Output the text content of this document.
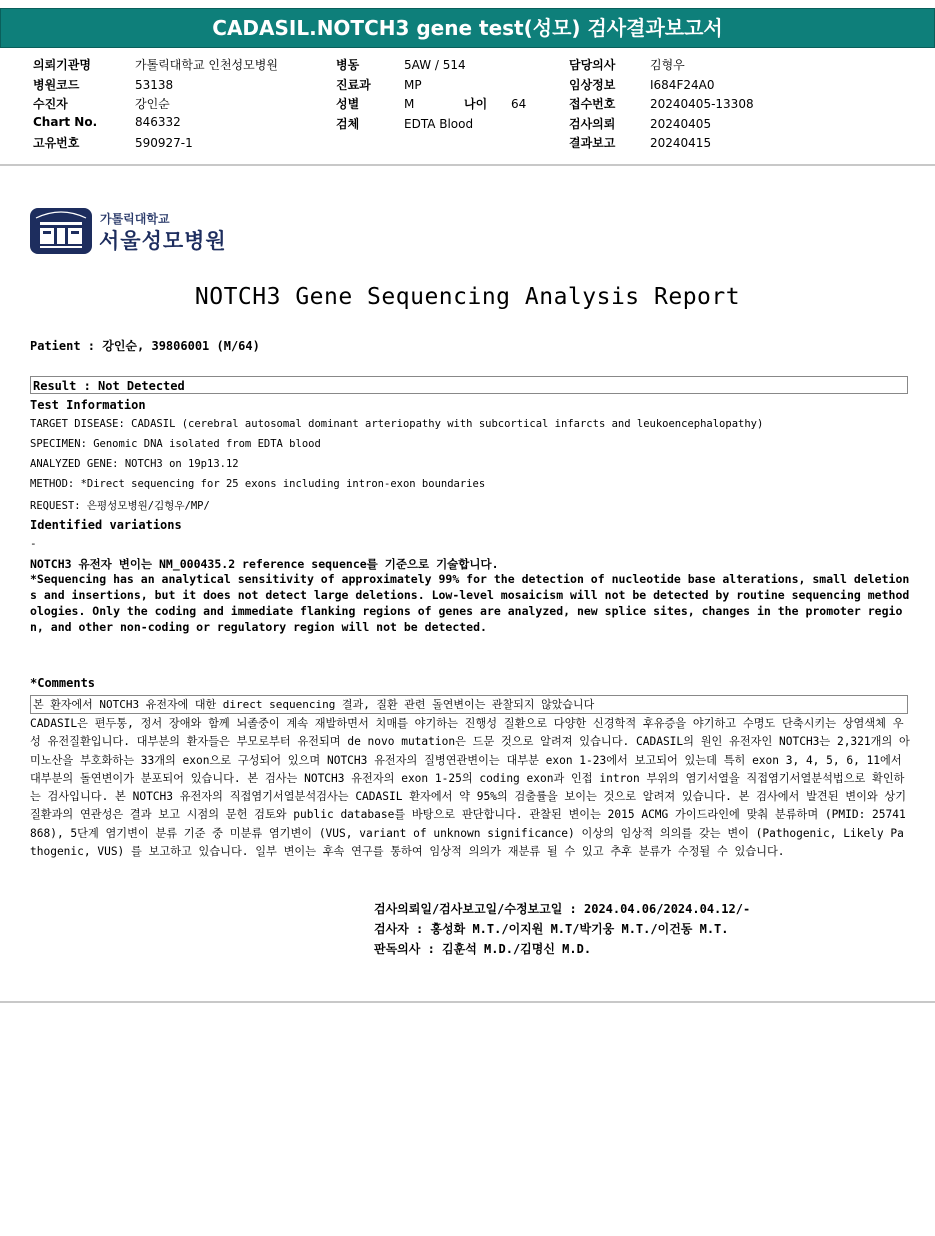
CADASIL.NOTCH3 gene test(성모) 검사결과보고서
의뢰기관명	가톨릭대학교 인천성모병원
병원코드	53138
수진자	강인순
Chart No.	846332
고유번호	590927-1
병동	5AW / 514
진료과	MP
성별	M	나이 64
검체	EDTA Blood
담당의사	김형우
임상정보	I684F24A0
접수번호	20240405-13308
검사의뢰	20240405
결과보고	20240415
가톨릭대학교
서울성모병원
NOTCH3 Gene Sequencing Analysis Report
Patient : 강인순, 39806001 (M/64)
Result : Not Detected
Test Information
TARGET DISEASE: CADASIL (cerebral autosomal dominant arteriopathy with subcortical infarcts and leukoencephalopathy)
SPECIMEN: Genomic DNA isolated from EDTA blood
ANALYZED GENE: NOTCH3 on 19p13.12
METHOD: *Direct sequencing for 25 exons including intron-exon boundaries
REQUEST: 은평성모병원/김형우/MP/
Identified variations
-
NOTCH3 유전자 변이는 NM_000435.2 reference sequence를 기준으로 기술합니다.
*Sequencing has an analytical sensitivity of approximately 99% for the detection of nucleotide base alterations, small deletions and insertions, but it does not detect large deletions. Low-level mosaicism will not be detected by routine sequencing methodologies. Only the coding and immediate flanking regions of genes are analyzed, new splice sites, changes in the promoter region, and other non-coding or regulatory region will not be detected.
*Comments
본 환자에서 NOTCH3 유전자에 대한 direct sequencing 결과, 질환 관련 돌연변이는 관찰되지 않았습니다
CADASIL은 편두통, 정서 장애와 함께 뇌졸중이 계속 재발하면서 치매를 야기하는 진행성 질환으로 다양한 신경학적 후유증을 야기하고 수명도 단축시키는 상염색체 우성 유전질환입니다. 대부분의 환자들은 부모로부터 유전되며 de novo mutation은 드문 것으로 알려져 있습니다. CADASIL의 원인 유전자인 NOTCH3는 2,321개의 아미노산을 부호화하는 33개의 exon으로 구성되어 있으며 NOTCH3 유전자의 질병연관변이는 대부분 exon 1-23에서 보고되어 있는데 특히 exon 3, 4, 5, 6, 11에서 대부분의 돌연변이가 분포되어 있습니다. 본 검사는 NOTCH3 유전자의 exon 1-25의 coding exon과 인접 intron 부위의 염기서열을 직접염기서열분석법으로 확인하는 검사입니다. 본 NOTCH3 유전자의 직접염기서열분석검사는 CADASIL 환자에서 약 95%의 검출률을 보이는 것으로 알려져 있습니다. 본 검사에서 발견된 변이와 상기 질환과의 연관성은 결과 보고 시점의 문헌 검토와 public database를 바탕으로 판단합니다. 관찰된 변이는 2015 ACMG 가이드라인에 맞춰 분류하며 (PMID: 25741868), 5단계 염기변이 분류 기준 중 미분류 염기변이 (VUS, variant of unknown significance) 이상의 임상적 의의를 갖는 변이 (Pathogenic, Likely Pathogenic, VUS) 를 보고하고 있습니다. 일부 변이는 후속 연구를 통하여 임상적 의의가 재분류 될 수 있고 추후 분류가 수정될 수 있습니다.
검사의뢰일/검사보고일/수정보고일 : 2024.04.06/2024.04.12/-
검사자 : 홍성화 M.T./이지원 M.T/박기웅 M.T./이건동 M.T.
판독의사 : 김훈석 M.D./김명신 M.D.
